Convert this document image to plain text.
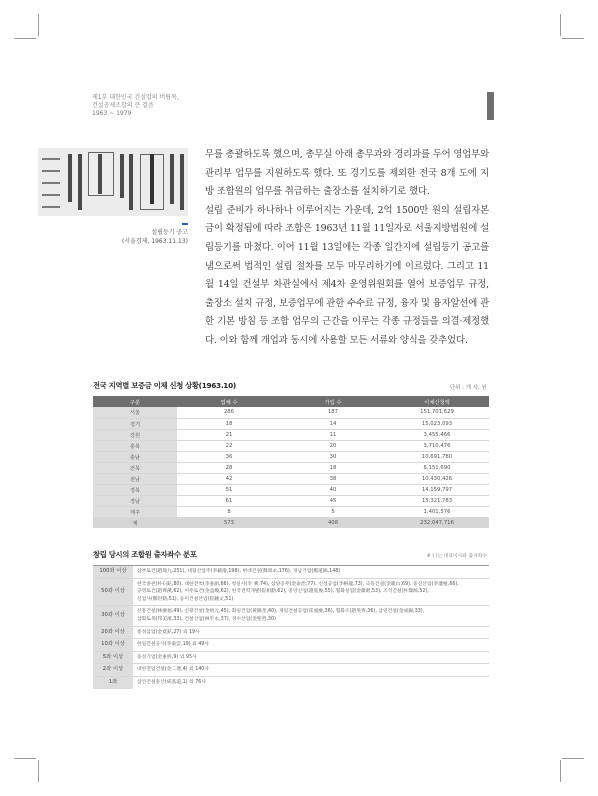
제1부 대한민국 건설업의 버팀목,
건설공제조합의 큰 걸음
1963 ~ 1979
설립등기 공고
(서울경제, 1963.11.13)

무를 총괄하도록 했으며, 총무실 아래 총무과와 경리과를 두어 영업부와 관리부 업무를 지원하도록 했다. 또 경기도를 제외한 전국 8개 도에 지방 조합원의 업무를 취급하는 출장소를 설치하기로 했다.

설립 준비가 하나하나 이루어지는 가운데, 2억 1500만 원의 설립자본금이 확정됨에 따라 조합은 1963년 11월 11일자로 서울지방법원에 설립등기를 마쳤다. 이어 11월 13일에는 각종 일간지에 설립등기 공고를 냄으로써 법적인 설립 절차를 모두 마무리하기에 이르렀다. 그리고 11월 14일 건설부 차관실에서 제4차 운영위원회를 열어 보증업무 규정, 출장소 설치 규정, 보증업무에 관한 수수료 규정, 융자 및 융자알선에 관한 기본 방침 등 조합 업무의 근간을 이루는 각종 규정들을 의결·제정했다. 이와 함께 개업과 동시에 사용할 모든 서류와 양식을 갖추었다.

전국 지역별 보증금 이체 신청 상황(1963.10)	단위 : 개 사, 원
구분	업체 수	가입 수	이체신청액
서울	286	187	151,701,629
경기	18	14	15,023,093
강원	21	11	3,455,466
충북	22	20	3,710,476
충남	36	30	10,691,780
전북	28	18	6,151,690
전남	42	38	10,430,426
경북	51	40	14,159,797
경남	61	45	15,321,783
제주	8	5	1,401,576
계	573	408	232,047,716
창립 당시의 조합원 출자좌수 분포	※ ( )는 대표이사와 출자좌수
100좌 이상	삼부토건(趙鼎九,251), 대림산업주(李載濬,198), 현대건설(鄭周永,176), 경남기업(鄭道鎬,148)

50좌 이상	한국종관(朴石鉉,80), 대한전척(李홍渝,66), 청실사(李 乘,74), 삼양공무(金泰治,77), 신성공업(李柄龍,73), 극동건설(金龍山,69), 동신산업(李灌植,66),
공영토건(趙尊溪,62), 이주토건(金益煥,62), 한국전력개발(崔相勳,62), 중앙산업(趙冕俊,55), 협화실업(金冀昭,53), 조석건설(朴燦源,52),
신업사(鄭世鎔,51), 동이건설산업(崔鍾文,51)

30좌 이상	신흥건설(林慶福,49), 신광건설(金炳元,45), 화일건업(黃錫奎,40), 제일건설공업(崔昶慶,36), 협화조(趙英秀,36), 삼연건설(金成錫,33),
삼화토목(邦美濱,33), 건설산업(林乎永,37), 경수산업(金聖哲,30)

20좌 이상	흥성삼업(金夏鉉,27) 외 19사

10좌 이상	한일건설공사(李東雲,19) 외 49사

5좌 이상	동성기업(金東經,9) 외 95사

2좌 이상	대한전업건설(金二連,4) 외 140사

1좌	삼산건설흥산(咸基道,1) 외 76사
